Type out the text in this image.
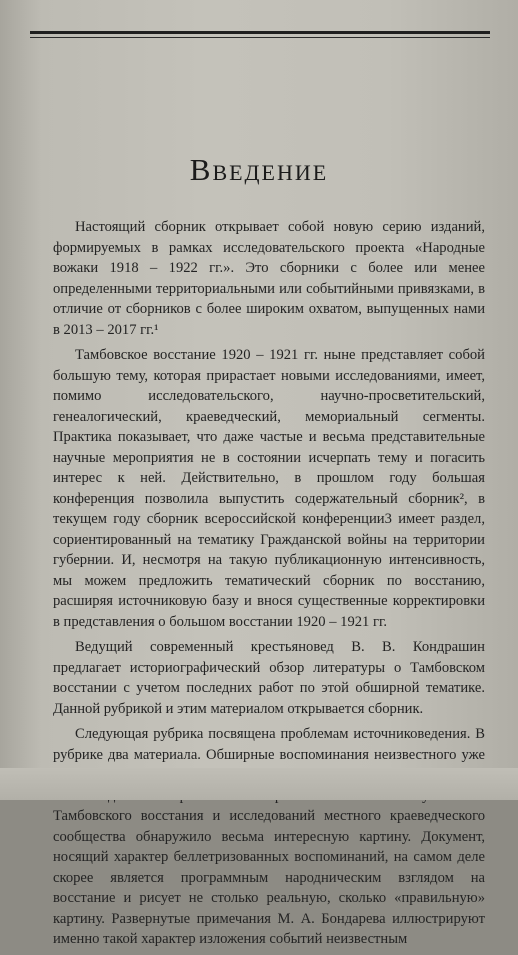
Введение

Настоящий сборник открывает собой новую серию изданий, формируемых в рамках исследовательского проекта «Народные вожаки 1918 – 1922 гг.». Это сборники с более или менее определенными территориальными или событийными привязками, в отличие от сборников с более широким охватом, выпущенных нами в 2013 – 2017 гг.¹

Тамбовское восстание 1920 – 1921 гг. ныне представляет собой большую тему, которая прирастает новыми исследованиями, имеет, помимо исследовательского, научно-просветительский, генеалогический, краеведческий, мемориальный сегменты. Практика показывает, что даже частые и весьма представительные научные мероприятия не в состоянии исчерпать тему и погасить интерес к ней. Действительно, в прошлом году большая конференция позволила выпустить содержательный сборник², в текущем году сборник всероссийской конференции3 имеет раздел, сориентированный на тематику Гражданской войны на территории губернии. И, несмотря на такую публикационную интенсивность, мы можем предложить тематический сборник по восстанию, расширяя источниковую базу и внося существенные корректировки в представления о большом восстании 1920 – 1921 гг.

Ведущий современный крестьяновед В. В. Кондрашин предлагает историографический обзор литературы о Тамбовском восстании с учетом последних работ по этой обширной тематике. Данной рубрикой и этим материалом открывается сборник.

Следующая рубрика посвящена проблемам источниковедения. В рубрике два материала. Обширные воспоминания неизвестного уже Тамбовского восстания и исследований местного краеведческого сообщества обнаружило весьма интересную картину. Документ, носящий характер беллетризованных воспоминаний, на самом деле скорее является программным народническим взглядом на восстание и рисует не столько реальную, сколько «правильную» картину. Развернутые примечания М. А. Бондарева иллюстрируют именно такой характер изложения событий неизвестным
